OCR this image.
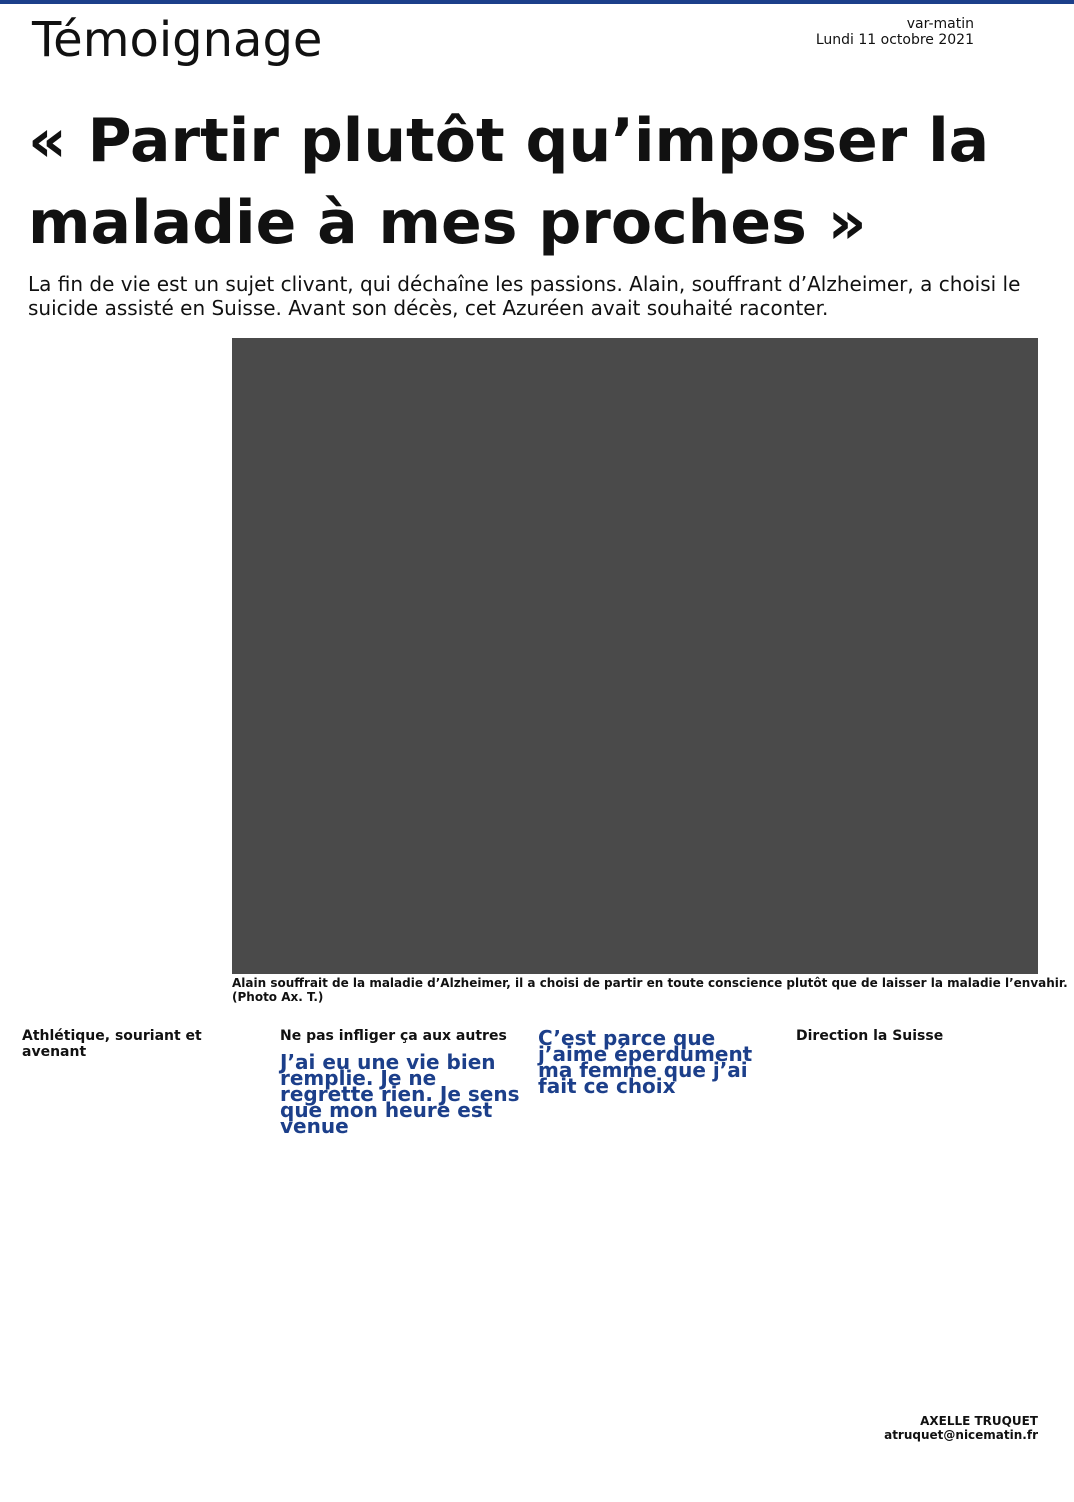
Témoignage	var-matin
Lundi 11 octobre 2021
« Partir plutôt qu’imposer la maladie à mes proches »
La fin de vie est un sujet clivant, qui déchaîne les passions. Alain, souffrant d’Alzheimer, a choisi le suicide assisté en Suisse. Avant son décès, cet Azuréen avait souhaité raconter.
Alain souffrait de la maladie d’Alzheimer, il a choisi de partir en toute conscience plutôt que de laisser la maladie l’envahir. (Photo Ax. T.)
Athlétique, souriant et avenant
Ne pas infliger ça aux autres
J’ai eu une vie bien remplie. Je ne regrette rien. Je sens que mon heure est venue
C’est parce que j’aime éperdument ma femme que j’ai fait ce choix
Direction la Suisse
AXELLE TRUQUET
atruquet@nicematin.fr
